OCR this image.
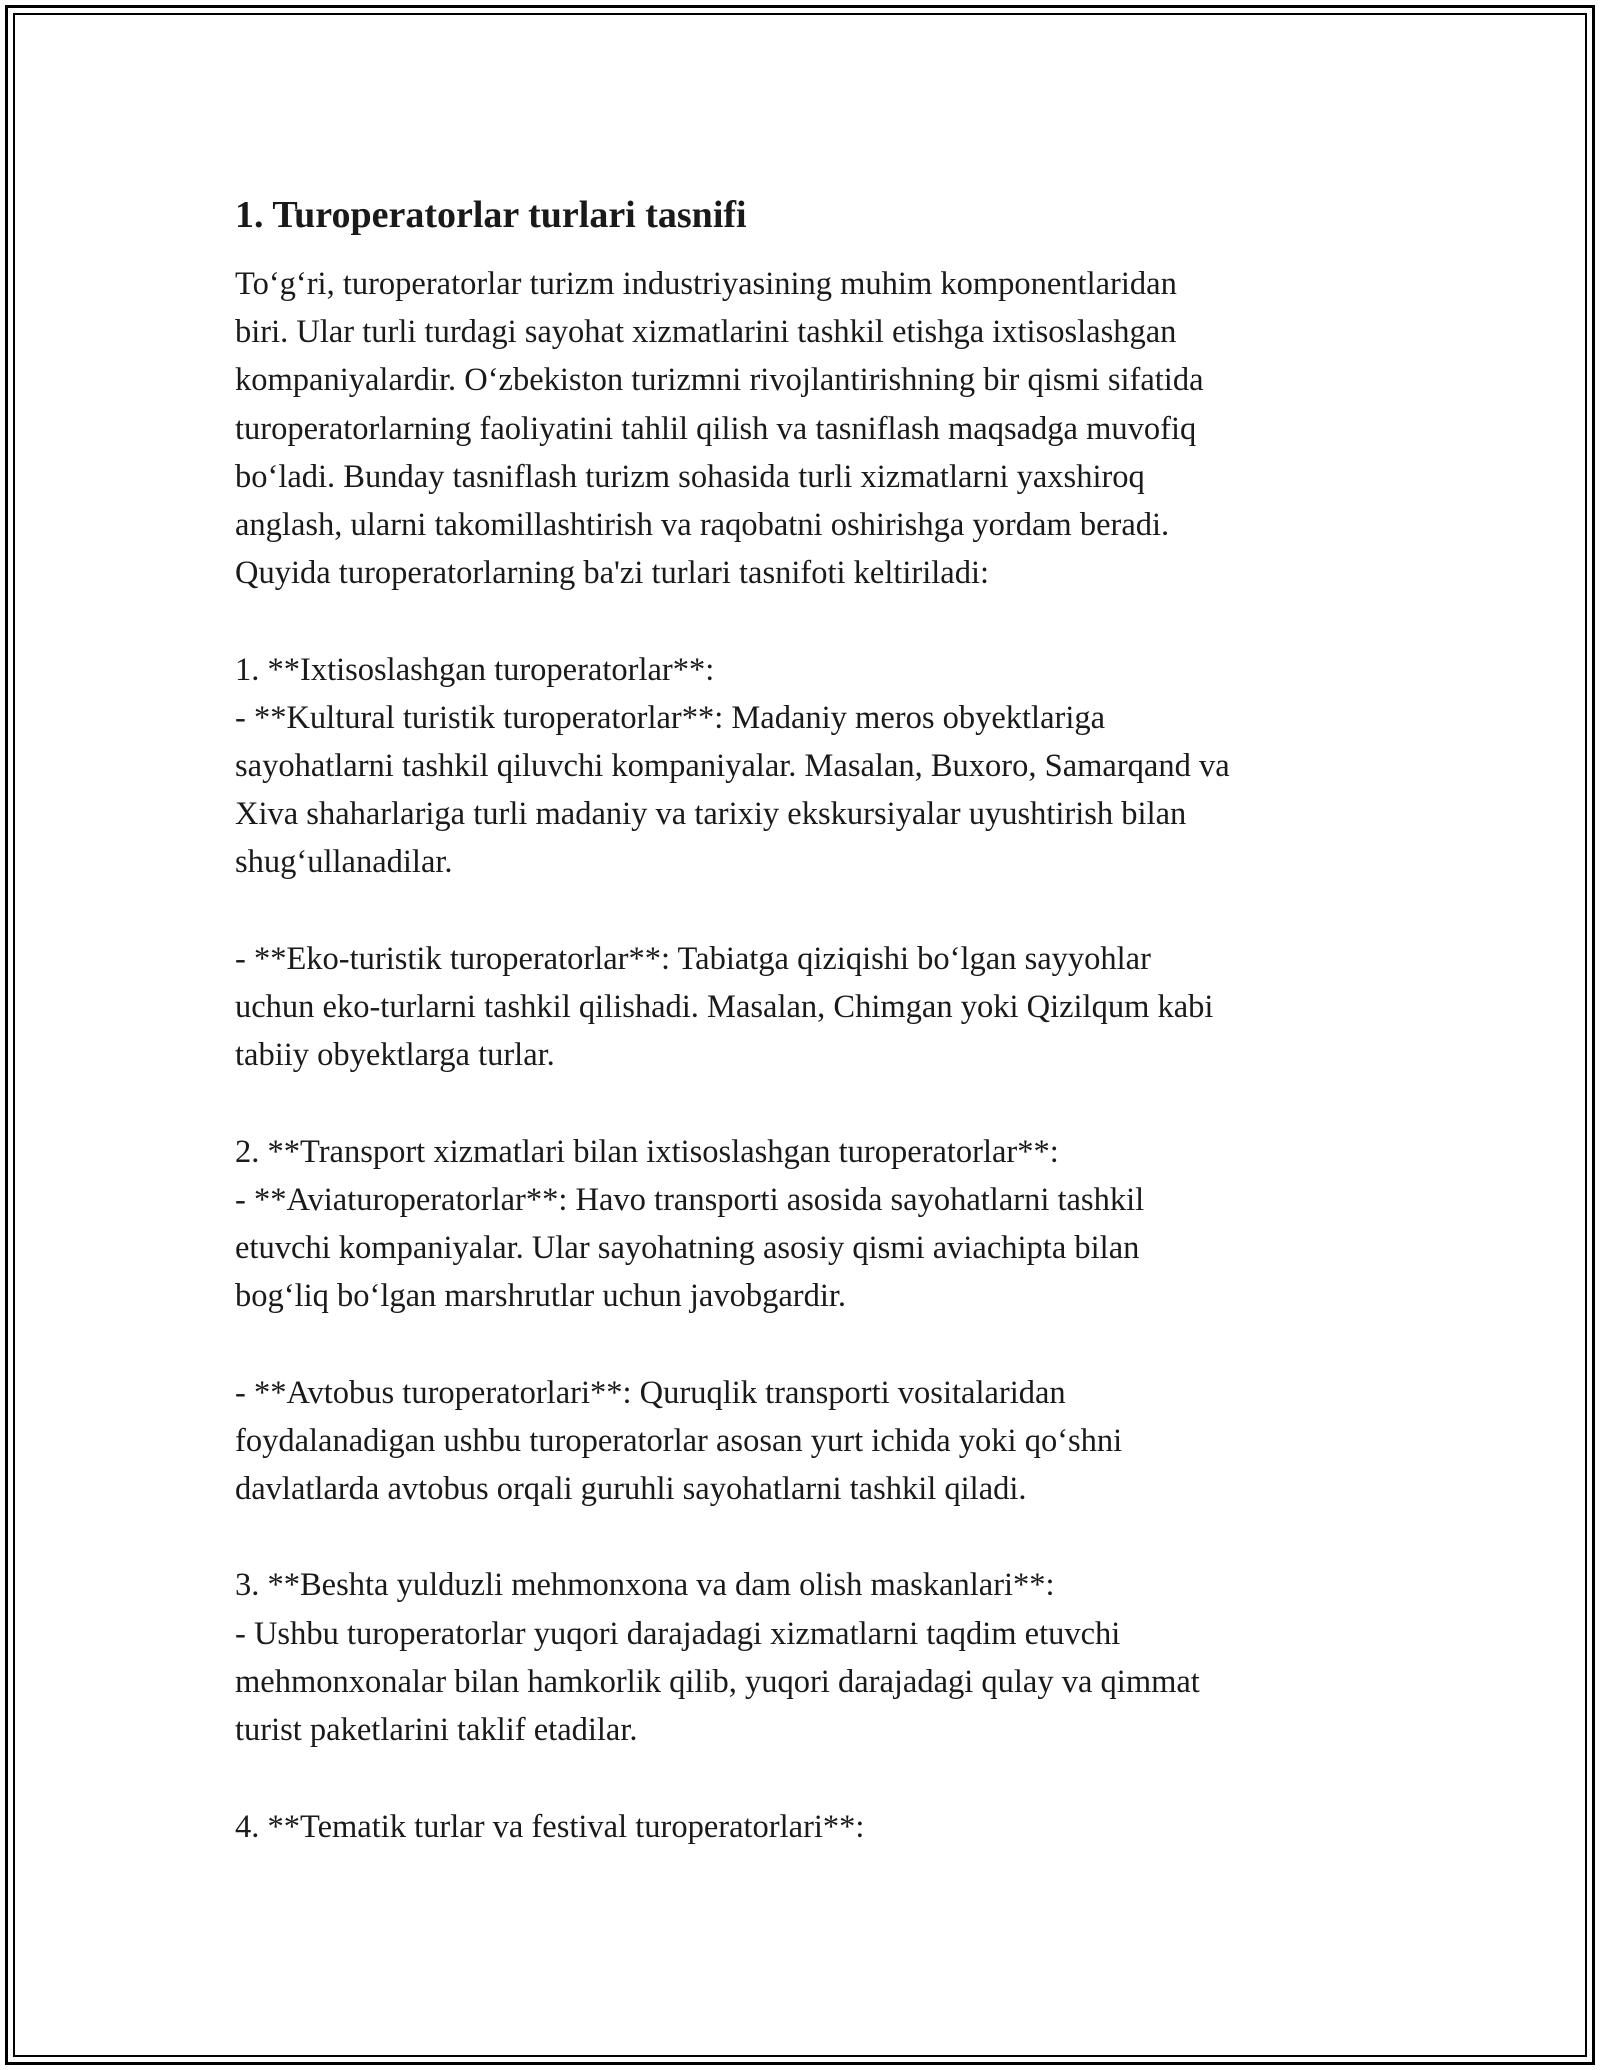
1. Turoperatorlar turlari tasnifi

To‘g‘ri, turoperatorlar turizm industriyasining muhim komponentlaridan
biri. Ular turli turdagi sayohat xizmatlarini tashkil etishga ixtisoslashgan
kompaniyalardir. O‘zbekiston turizmni rivojlantirishning bir qismi sifatida
turoperatorlarning faoliyatini tahlil qilish va tasniflash maqsadga muvofiq
bo‘ladi. Bunday tasniflash turizm sohasida turli xizmatlarni yaxshiroq
anglash, ularni takomillashtirish va raqobatni oshirishga yordam beradi.
Quyida turoperatorlarning ba'zi turlari tasnifoti keltiriladi:

1. **Ixtisoslashgan turoperatorlar**:
- **Kultural turistik turoperatorlar**: Madaniy meros obyektlariga
sayohatlarni tashkil qiluvchi kompaniyalar. Masalan, Buxoro, Samarqand va
Xiva shaharlariga turli madaniy va tarixiy ekskursiyalar uyushtirish bilan
shug‘ullanadilar.

- **Eko-turistik turoperatorlar**: Tabiatga qiziqishi bo‘lgan sayyohlar
uchun eko-turlarni tashkil qilishadi. Masalan, Chimgan yoki Qizilqum kabi
tabiiy obyektlarga turlar.

2. **Transport xizmatlari bilan ixtisoslashgan turoperatorlar**:
- **Aviaturoperatorlar**: Havo transporti asosida sayohatlarni tashkil
etuvchi kompaniyalar. Ular sayohatning asosiy qismi aviachipta bilan
bog‘liq bo‘lgan marshrutlar uchun javobgardir.

- **Avtobus turoperatorlari**: Quruqlik transporti vositalaridan
foydalanadigan ushbu turoperatorlar asosan yurt ichida yoki qo‘shni
davlatlarda avtobus orqali guruhli sayohatlarni tashkil qiladi.

3. **Beshta yulduzli mehmonxona va dam olish maskanlari**:
- Ushbu turoperatorlar yuqori darajadagi xizmatlarni taqdim etuvchi
mehmonxonalar bilan hamkorlik qilib, yuqori darajadagi qulay va qimmat
turist paketlarini taklif etadilar.

4. **Tematik turlar va festival turoperatorlari**:
